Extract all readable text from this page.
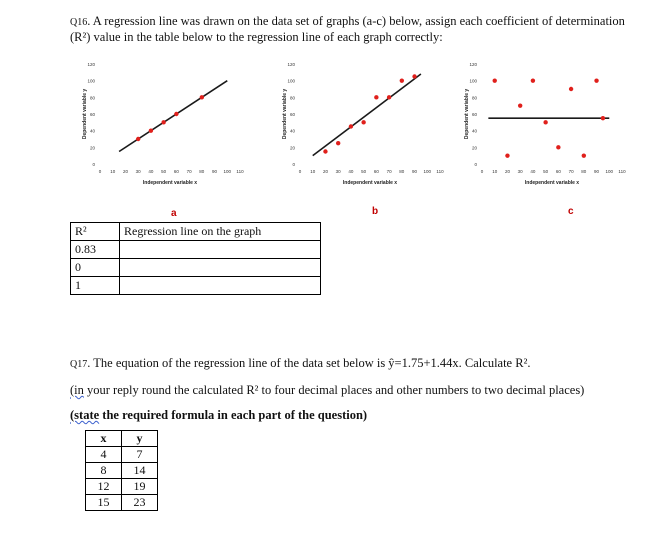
Q16. A regression line was drawn on the data set of graphs (a-c) below, assign each coefficient of determination (R²) value in the table below to the regression line of each graph correctly:
0
20
40
60
80
100
120
0 10 20 30 40 50 60 70 80 90 100 110
Independent variable x
Dependent variable y
a
0
20
40
60
80
100
120
0 10 20 30 40 50 60 70 80 90 100 110
Independent variable x
Dependent variable y
b
0
20
40
60
80
100
120
0 10 20 30 40 50 60 70 80 90 100 110
Independent variable x
Dependent variable y
c
R²	Regression line on the graph
0.83	
0	
1	

Q17. The equation of the regression line of the data set below is ŷ=1.75+1.44x. Calculate R².

(in your reply round the calculated R² to four decimal places and other numbers to two decimal places)

(state the required formula in each part of the question)

x	y
4	7
8	14
12	19
15	23
